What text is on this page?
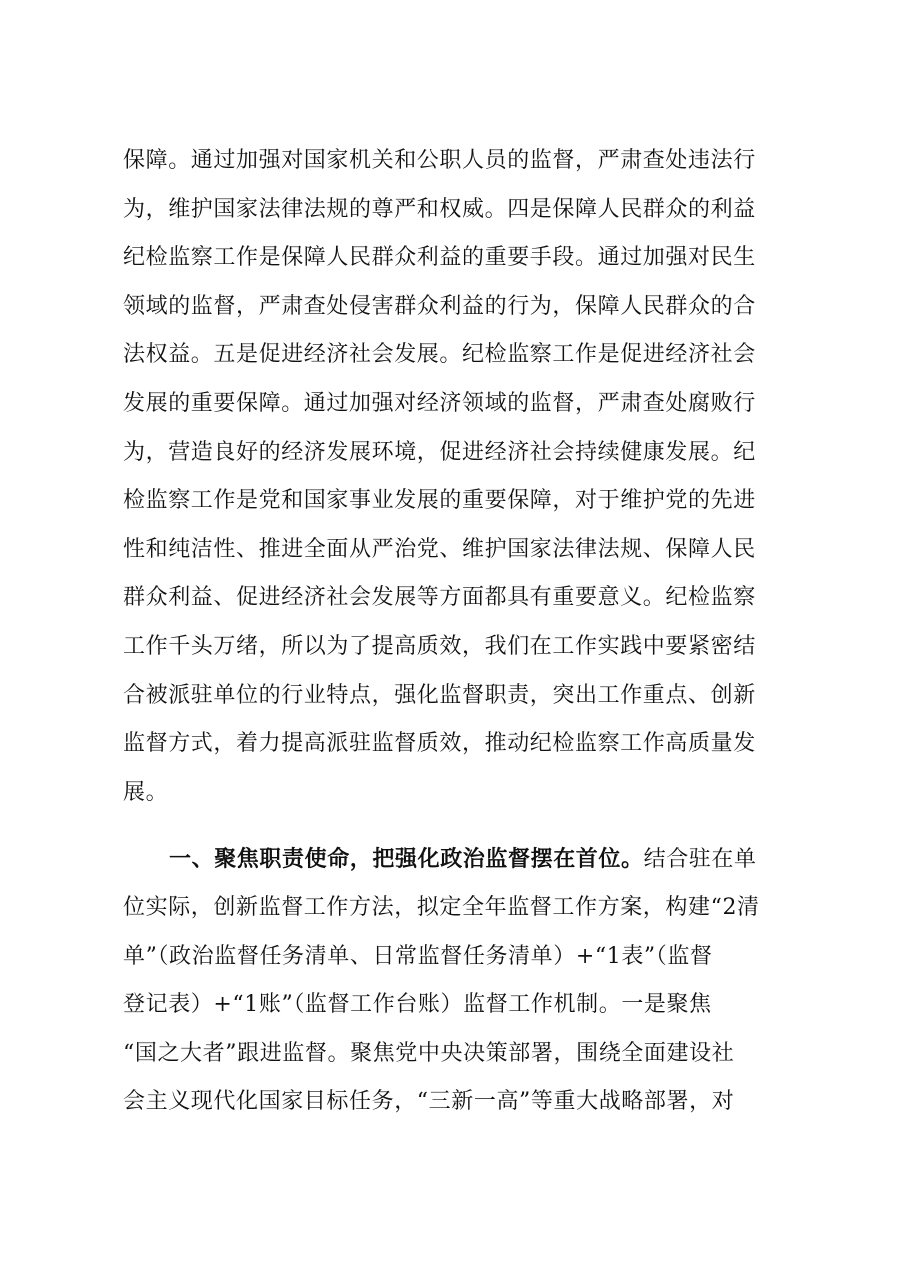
保障。通过加强对国家机关和公职人员的监督，严肃查处违法行
为，维护国家法律法规的尊严和权威。四是保障人民群众的利益
纪检监察工作是保障人民群众利益的重要手段。通过加强对民生
领域的监督，严肃查处侵害群众利益的行为，保障人民群众的合
法权益。五是促进经济社会发展。纪检监察工作是促进经济社会
发展的重要保障。通过加强对经济领域的监督，严肃查处腐败行
为，营造良好的经济发展环境，促进经济社会持续健康发展。纪
检监察工作是党和国家事业发展的重要保障，对于维护党的先进
性和纯洁性、推进全面从严治党、维护国家法律法规、保障人民
群众利益、促进经济社会发展等方面都具有重要意义。纪检监察
工作千头万绪，所以为了提高质效，我们在工作实践中要紧密结
合被派驻单位的行业特点，强化监督职责，突出工作重点、创新
监督方式，着力提高派驻监督质效，推动纪检监察工作高质量发
展。
一、聚焦职责使命，把强化政治监督摆在首位。结合驻在单
位实际，创新监督工作方法，拟定全年监督工作方案，构建“2清
单”（政治监督任务清单、日常监督任务清单）+“1表”（监督
登记表）+“1账”（监督工作台账）监督工作机制。一是聚焦
“国之大者”跟进监督。聚焦党中央决策部署，围绕全面建设社
会主义现代化国家目标任务，“三新一高”等重大战略部署，对
